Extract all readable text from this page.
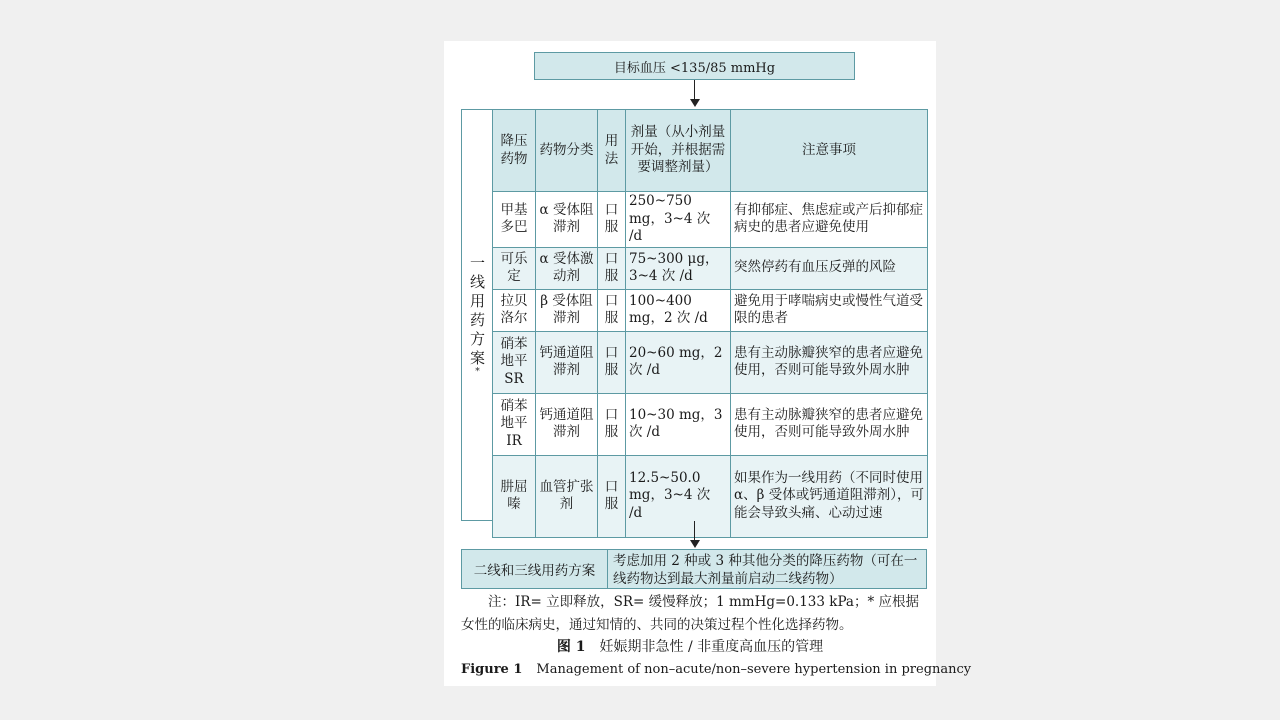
目标血压 <135/85 mmHg
一
线
用
药
方
案
*
降压药物	药物分类	用法	剂量（从小剂量开始，并根据需要调整剂量）	注意事项
甲基多巴	α 受体阻滞剂	口服	250~750 mg，3~4 次 /d	有抑郁症、焦虑症或产后抑郁症病史的患者应避免使用
可乐定	α 受体激动剂	口服	75~300 μg，3~4 次 /d	突然停药有血压反弹的风险
拉贝洛尔	β 受体阻滞剂	口服	100~400 mg，2 次 /d	避免用于哮喘病史或慢性气道受限的患者
硝苯地平SR	钙通道阻滞剂	口服	20~60 mg，2 次 /d	患有主动脉瓣狭窄的患者应避免使用，否则可能导致外周水肿
硝苯地平IR	钙通道阻滞剂	口服	10~30 mg，3 次 /d	患有主动脉瓣狭窄的患者应避免使用，否则可能导致外周水肿
肼屈嗪	血管扩张剂	口服	12.5~50.0 mg，3~4 次 /d	如果作为一线用药（不同时使用 α、β 受体或钙通道阻滞剂），可能会导致头痛、心动过速
二线和三线用药方案
考虑加用 2 种或 3 种其他分类的降压药物（可在一线药物达到最大剂量前启动二线药物）
注：IR= 立即释放，SR= 缓慢释放；1 mmHg=0.133 kPa；* 应根据女性的临床病史，通过知情的、共同的决策过程个性化选择药物。
图 1 妊娠期非急性 / 非重度高血压的管理
Figure 1 Management of non–acute/non–severe hypertension in pregnancy
